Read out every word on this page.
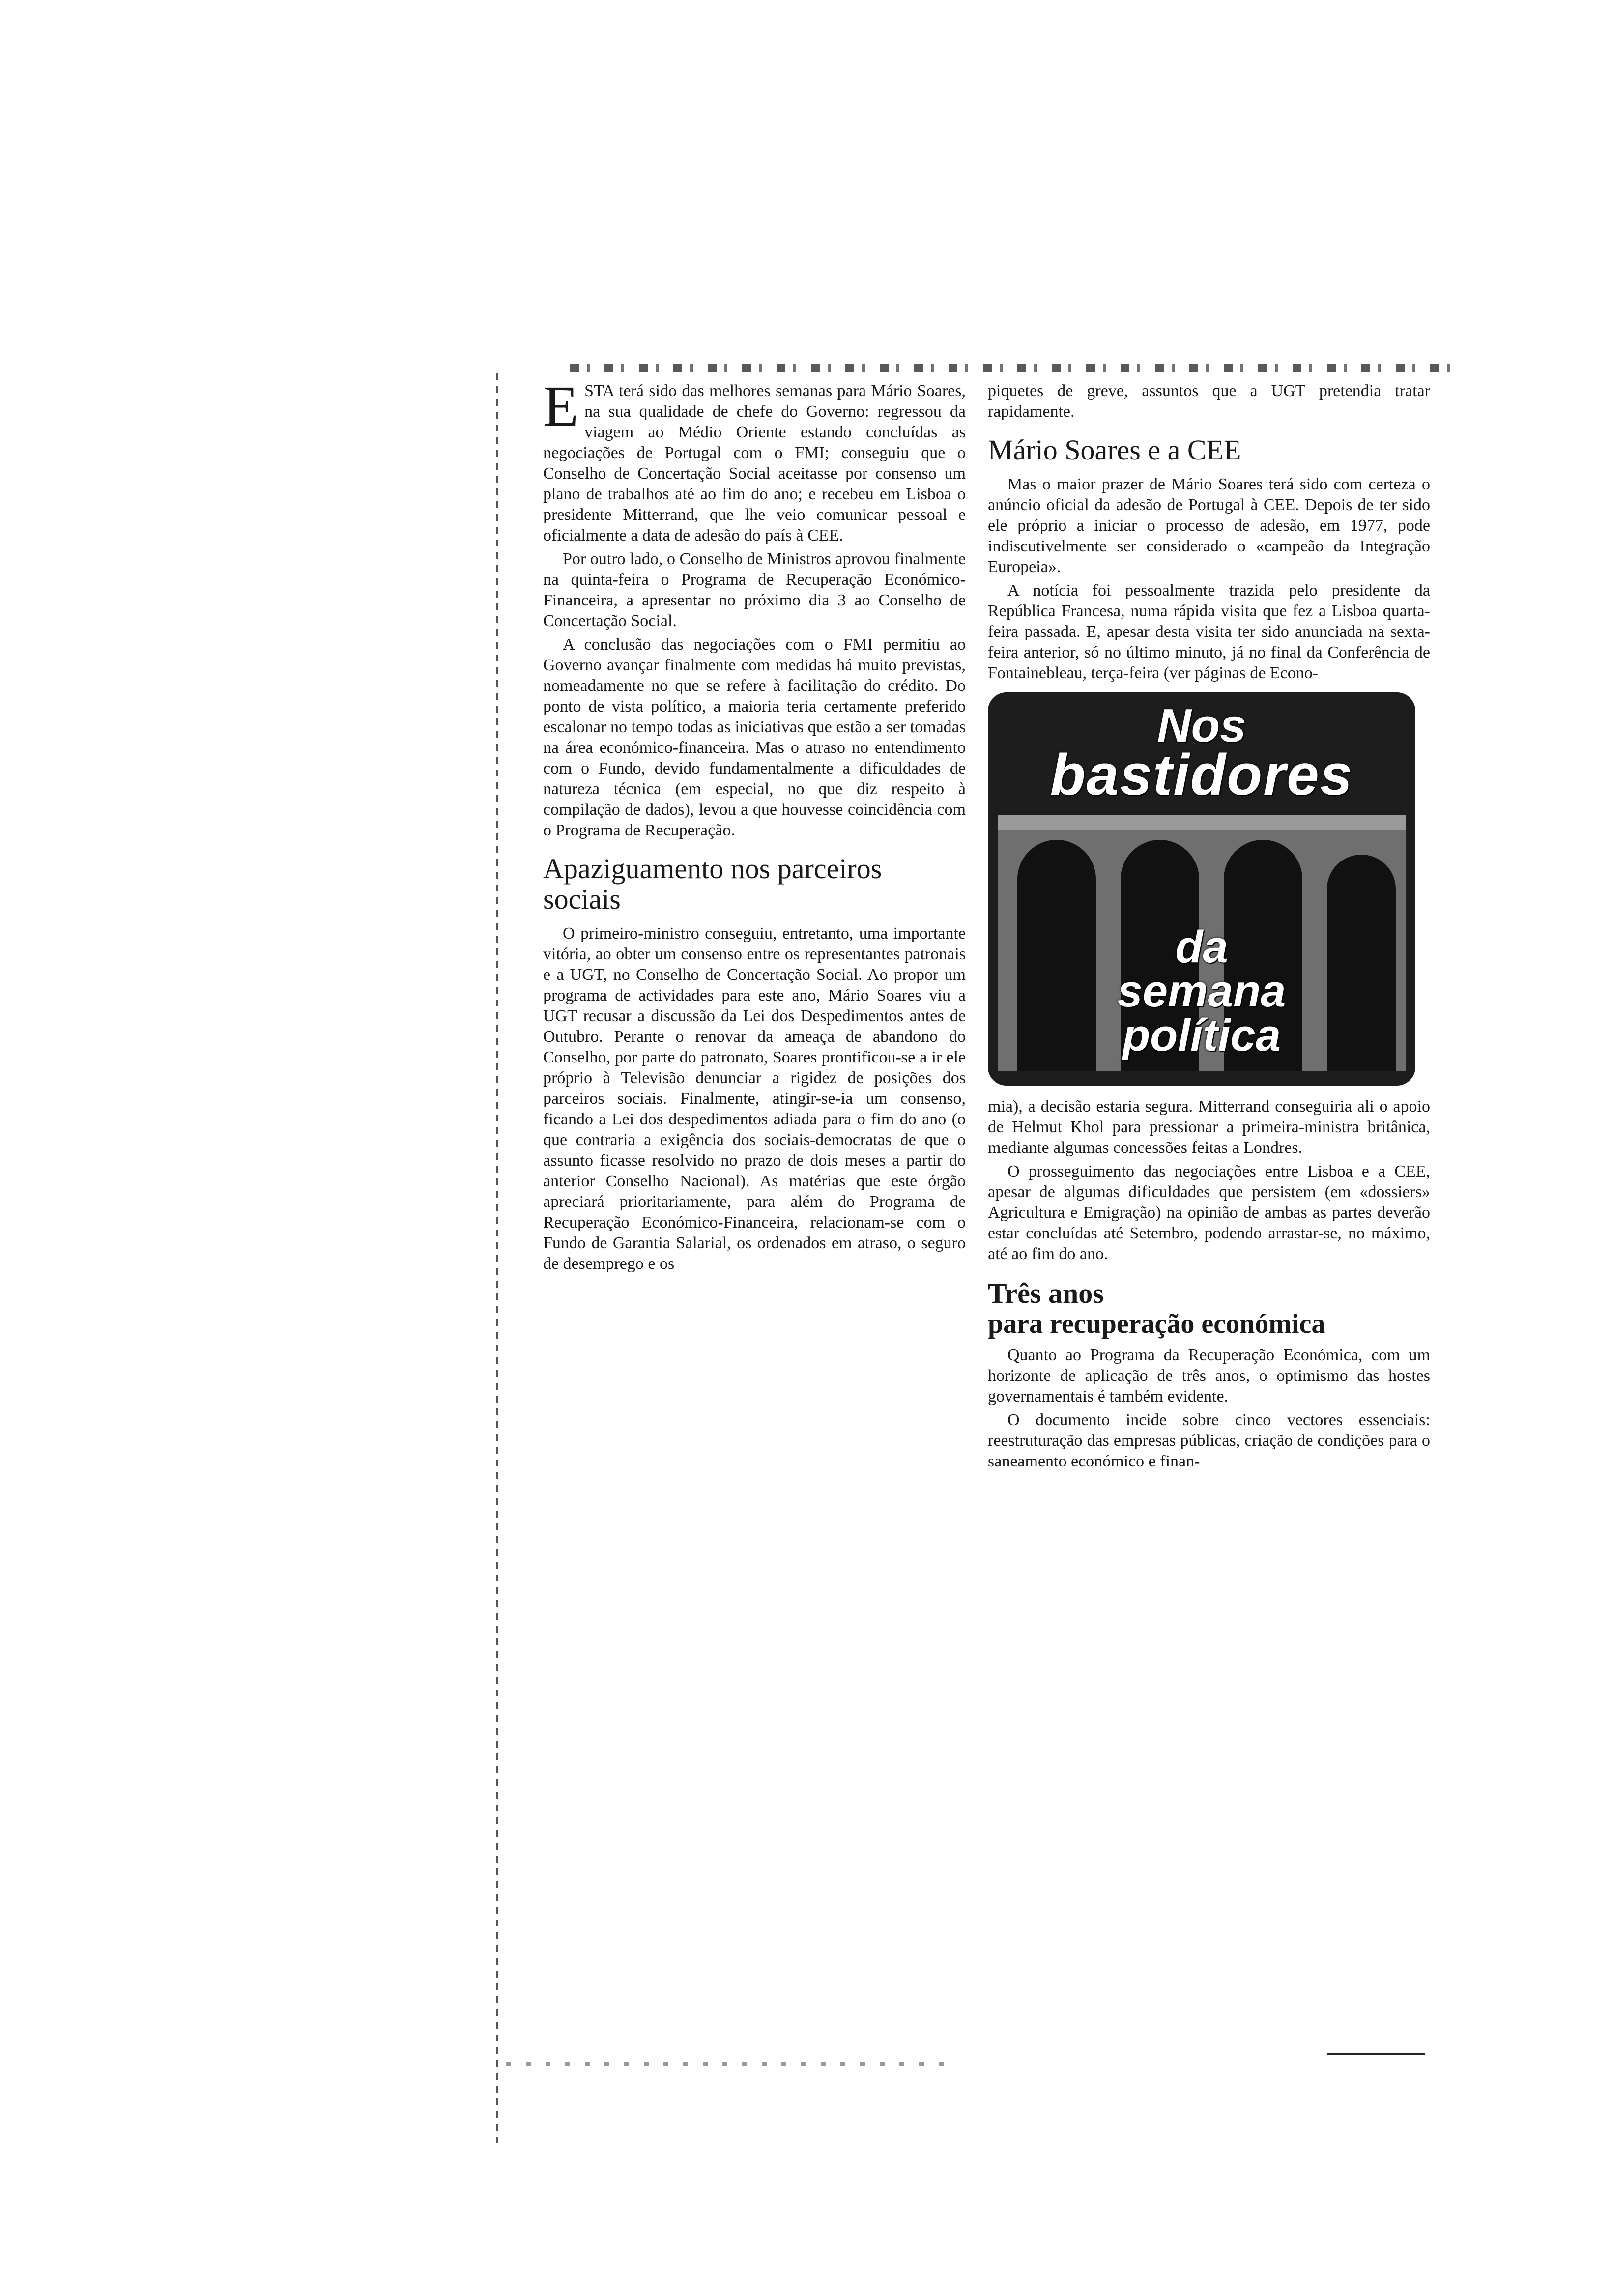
ESTA terá sido das melhores semanas para Mário Soares, na sua qualidade de chefe do Governo: regressou da viagem ao Médio Oriente estando concluídas as negociações de Portugal com o FMI; conseguiu que o Conselho de Concertação Social aceitasse por consenso um plano de trabalhos até ao fim do ano; e recebeu em Lisboa o presidente Mitterrand, que lhe veio comunicar pessoal e oficialmente a data de adesão do país à CEE.

Por outro lado, o Conselho de Ministros aprovou finalmente na quinta-feira o Programa de Recuperação Económico-Financeira, a apresentar no próximo dia 3 ao Conselho de Concertação Social.

A conclusão das negociações com o FMI permitiu ao Governo avançar finalmente com medidas há muito previstas, nomeadamente no que se refere à facilitação do crédito. Do ponto de vista político, a maioria teria certamente preferido escalonar no tempo todas as iniciativas que estão a ser tomadas na área económico-financeira. Mas o atraso no entendimento com o Fundo, devido fundamentalmente a dificuldades de natureza técnica (em especial, no que diz respeito à compilação de dados), levou a que houvesse coincidência com o Programa de Recuperação.

Apaziguamento nos parceiros sociais

O primeiro-ministro conseguiu, entretanto, uma importante vitória, ao obter um consenso entre os representantes patronais e a UGT, no Conselho de Concertação Social. Ao propor um programa de actividades para este ano, Mário Soares viu a UGT recusar a discussão da Lei dos Despedimentos antes de Outubro. Perante o renovar da ameaça de abandono do Conselho, por parte do patronato, Soares prontificou-se a ir ele próprio à Televisão denunciar a rigidez de posições dos parceiros sociais. Finalmente, atingir-se-ia um consenso, ficando a Lei dos despedimentos adiada para o fim do ano (o que contraria a exigência dos sociais-democratas de que o assunto ficasse resolvido no prazo de dois meses a partir do anterior Conselho Nacional). As matérias que este órgão apreciará prioritariamente, para além do Programa de Recuperação Económico-Financeira, relacionam-se com o Fundo de Garantia Salarial, os ordenados em atraso, o seguro de desemprego e os

piquetes de greve, assuntos que a UGT pretendia tratar rapidamente.

Mário Soares e a CEE

Mas o maior prazer de Mário Soares terá sido com certeza o anúncio oficial da adesão de Portugal à CEE. Depois de ter sido ele próprio a iniciar o processo de adesão, em 1977, pode indiscutivelmente ser considerado o «campeão da Integração Europeia».

A notícia foi pessoalmente trazida pelo presidente da República Francesa, numa rápida visita que fez a Lisboa quarta-feira passada. E, apesar desta visita ter sido anunciada na sexta-feira anterior, só no último minuto, já no final da Conferência de Fontainebleau, terça-feira (ver páginas de Econo-

Nos
bastidores
da
semana
política

mia), a decisão estaria segura. Mitterrand conseguiria ali o apoio de Helmut Khol para pressionar a primeira-ministra britânica, mediante algumas concessões feitas a Londres.

O prosseguimento das negociações entre Lisboa e a CEE, apesar de algumas dificuldades que persistem (em «dossiers» Agricultura e Emigração) na opinião de ambas as partes deverão estar concluídas até Setembro, podendo arrastar-se, no máximo, até ao fim do ano.

Três anos
para recuperação económica

Quanto ao Programa da Recuperação Económica, com um horizonte de aplicação de três anos, o optimismo das hostes governamentais é também evidente.

O documento incide sobre cinco vectores essenciais: reestruturação das empresas públicas, criação de condições para o saneamento económico e finan-
